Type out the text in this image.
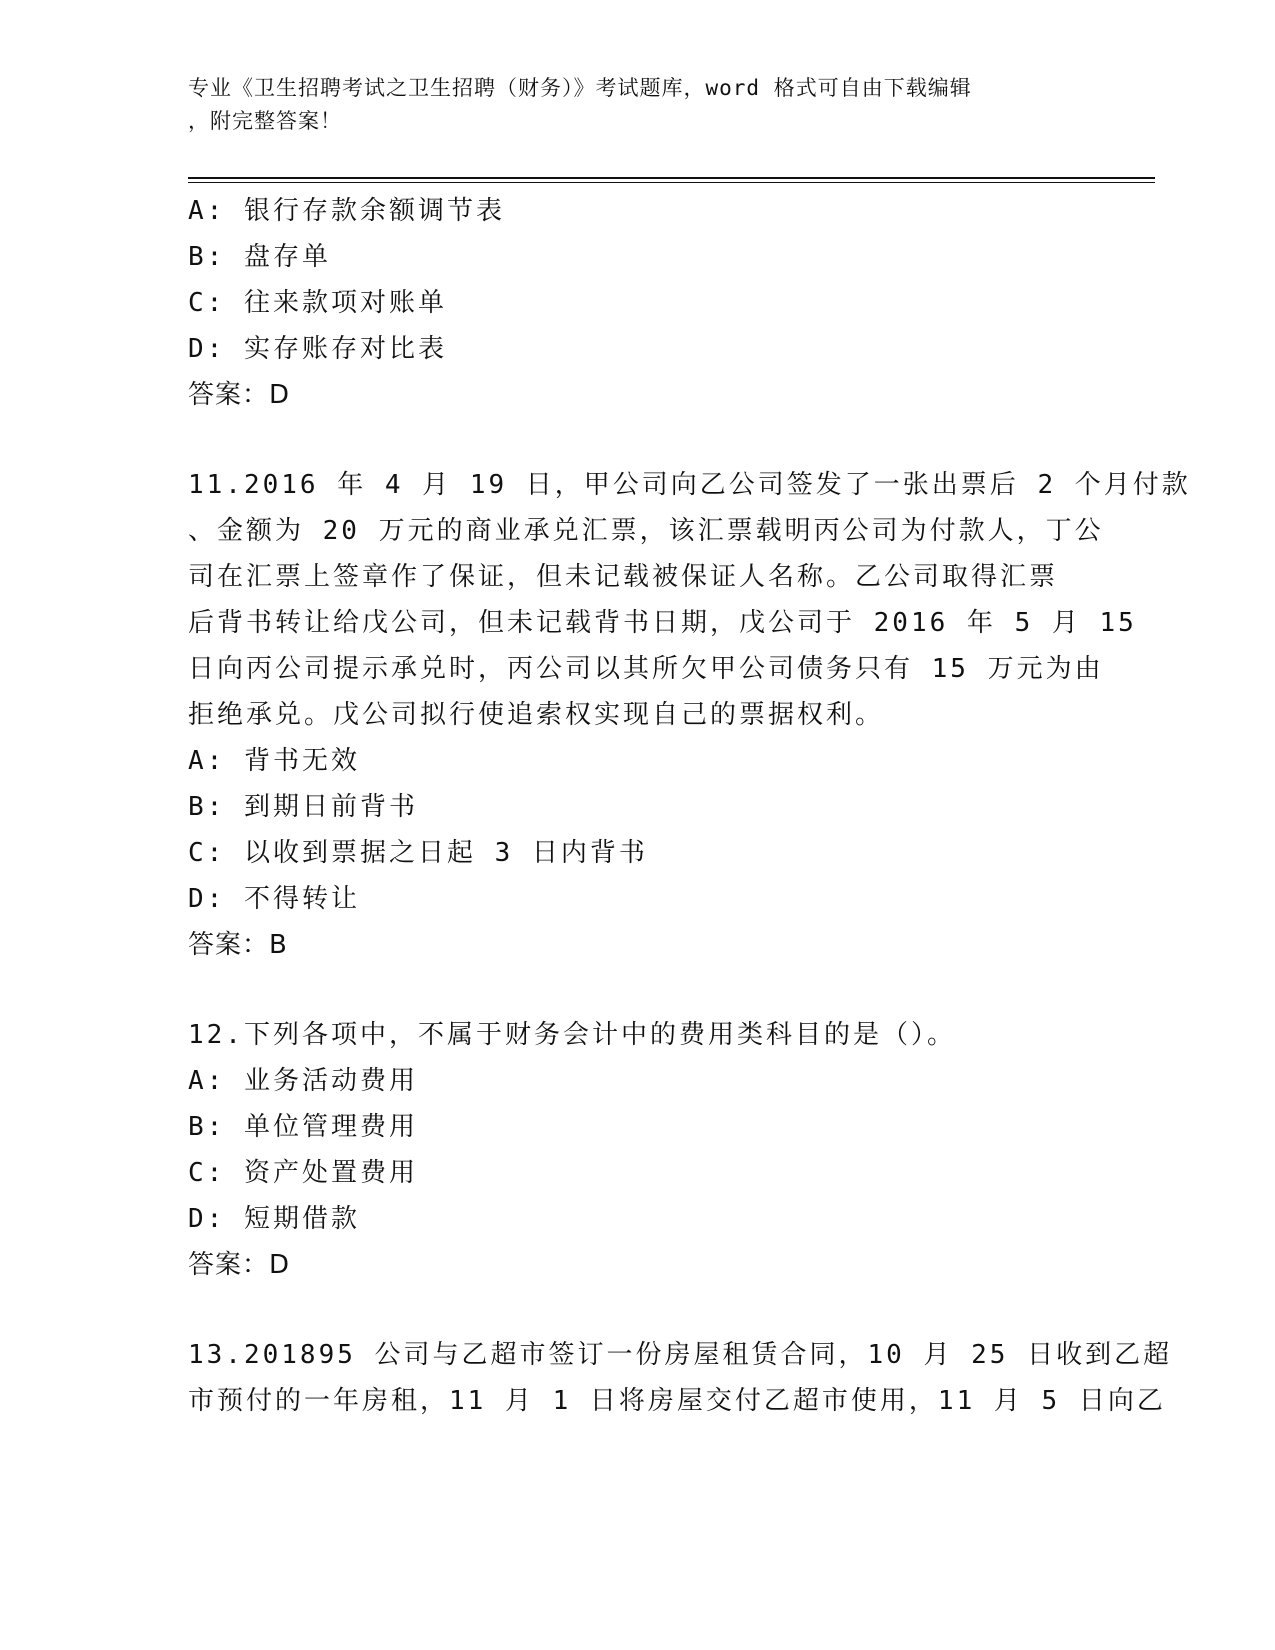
专业《卫生招聘考试之卫生招聘（财务）》考试题库，word 格式可自由下载编辑
，附完整答案！
A: 银行存款余额调节表
B: 盘存单
C: 往来款项对账单
D: 实存账存对比表
答案：D
11.2016 年 4 月 19 日，甲公司向乙公司签发了一张出票后 2 个月付款
、金额为 20 万元的商业承兑汇票，该汇票载明丙公司为付款人，丁公
司在汇票上签章作了保证，但未记载被保证人名称。乙公司取得汇票
后背书转让给戊公司，但未记载背书日期，戊公司于 2016 年 5 月 15
日向丙公司提示承兑时，丙公司以其所欠甲公司债务只有 15 万元为由
拒绝承兑。戊公司拟行使追索权实现自己的票据权利。
A: 背书无效
B: 到期日前背书
C: 以收到票据之日起 3 日内背书
D: 不得转让
答案：B
12.下列各项中，不属于财务会计中的费用类科目的是（）。
A: 业务活动费用
B: 单位管理费用
C: 资产处置费用
D: 短期借款
答案：D
13.201895 公司与乙超市签订一份房屋租赁合同，10 月 25 日收到乙超
市预付的一年房租，11 月 1 日将房屋交付乙超市使用，11 月 5 日向乙
